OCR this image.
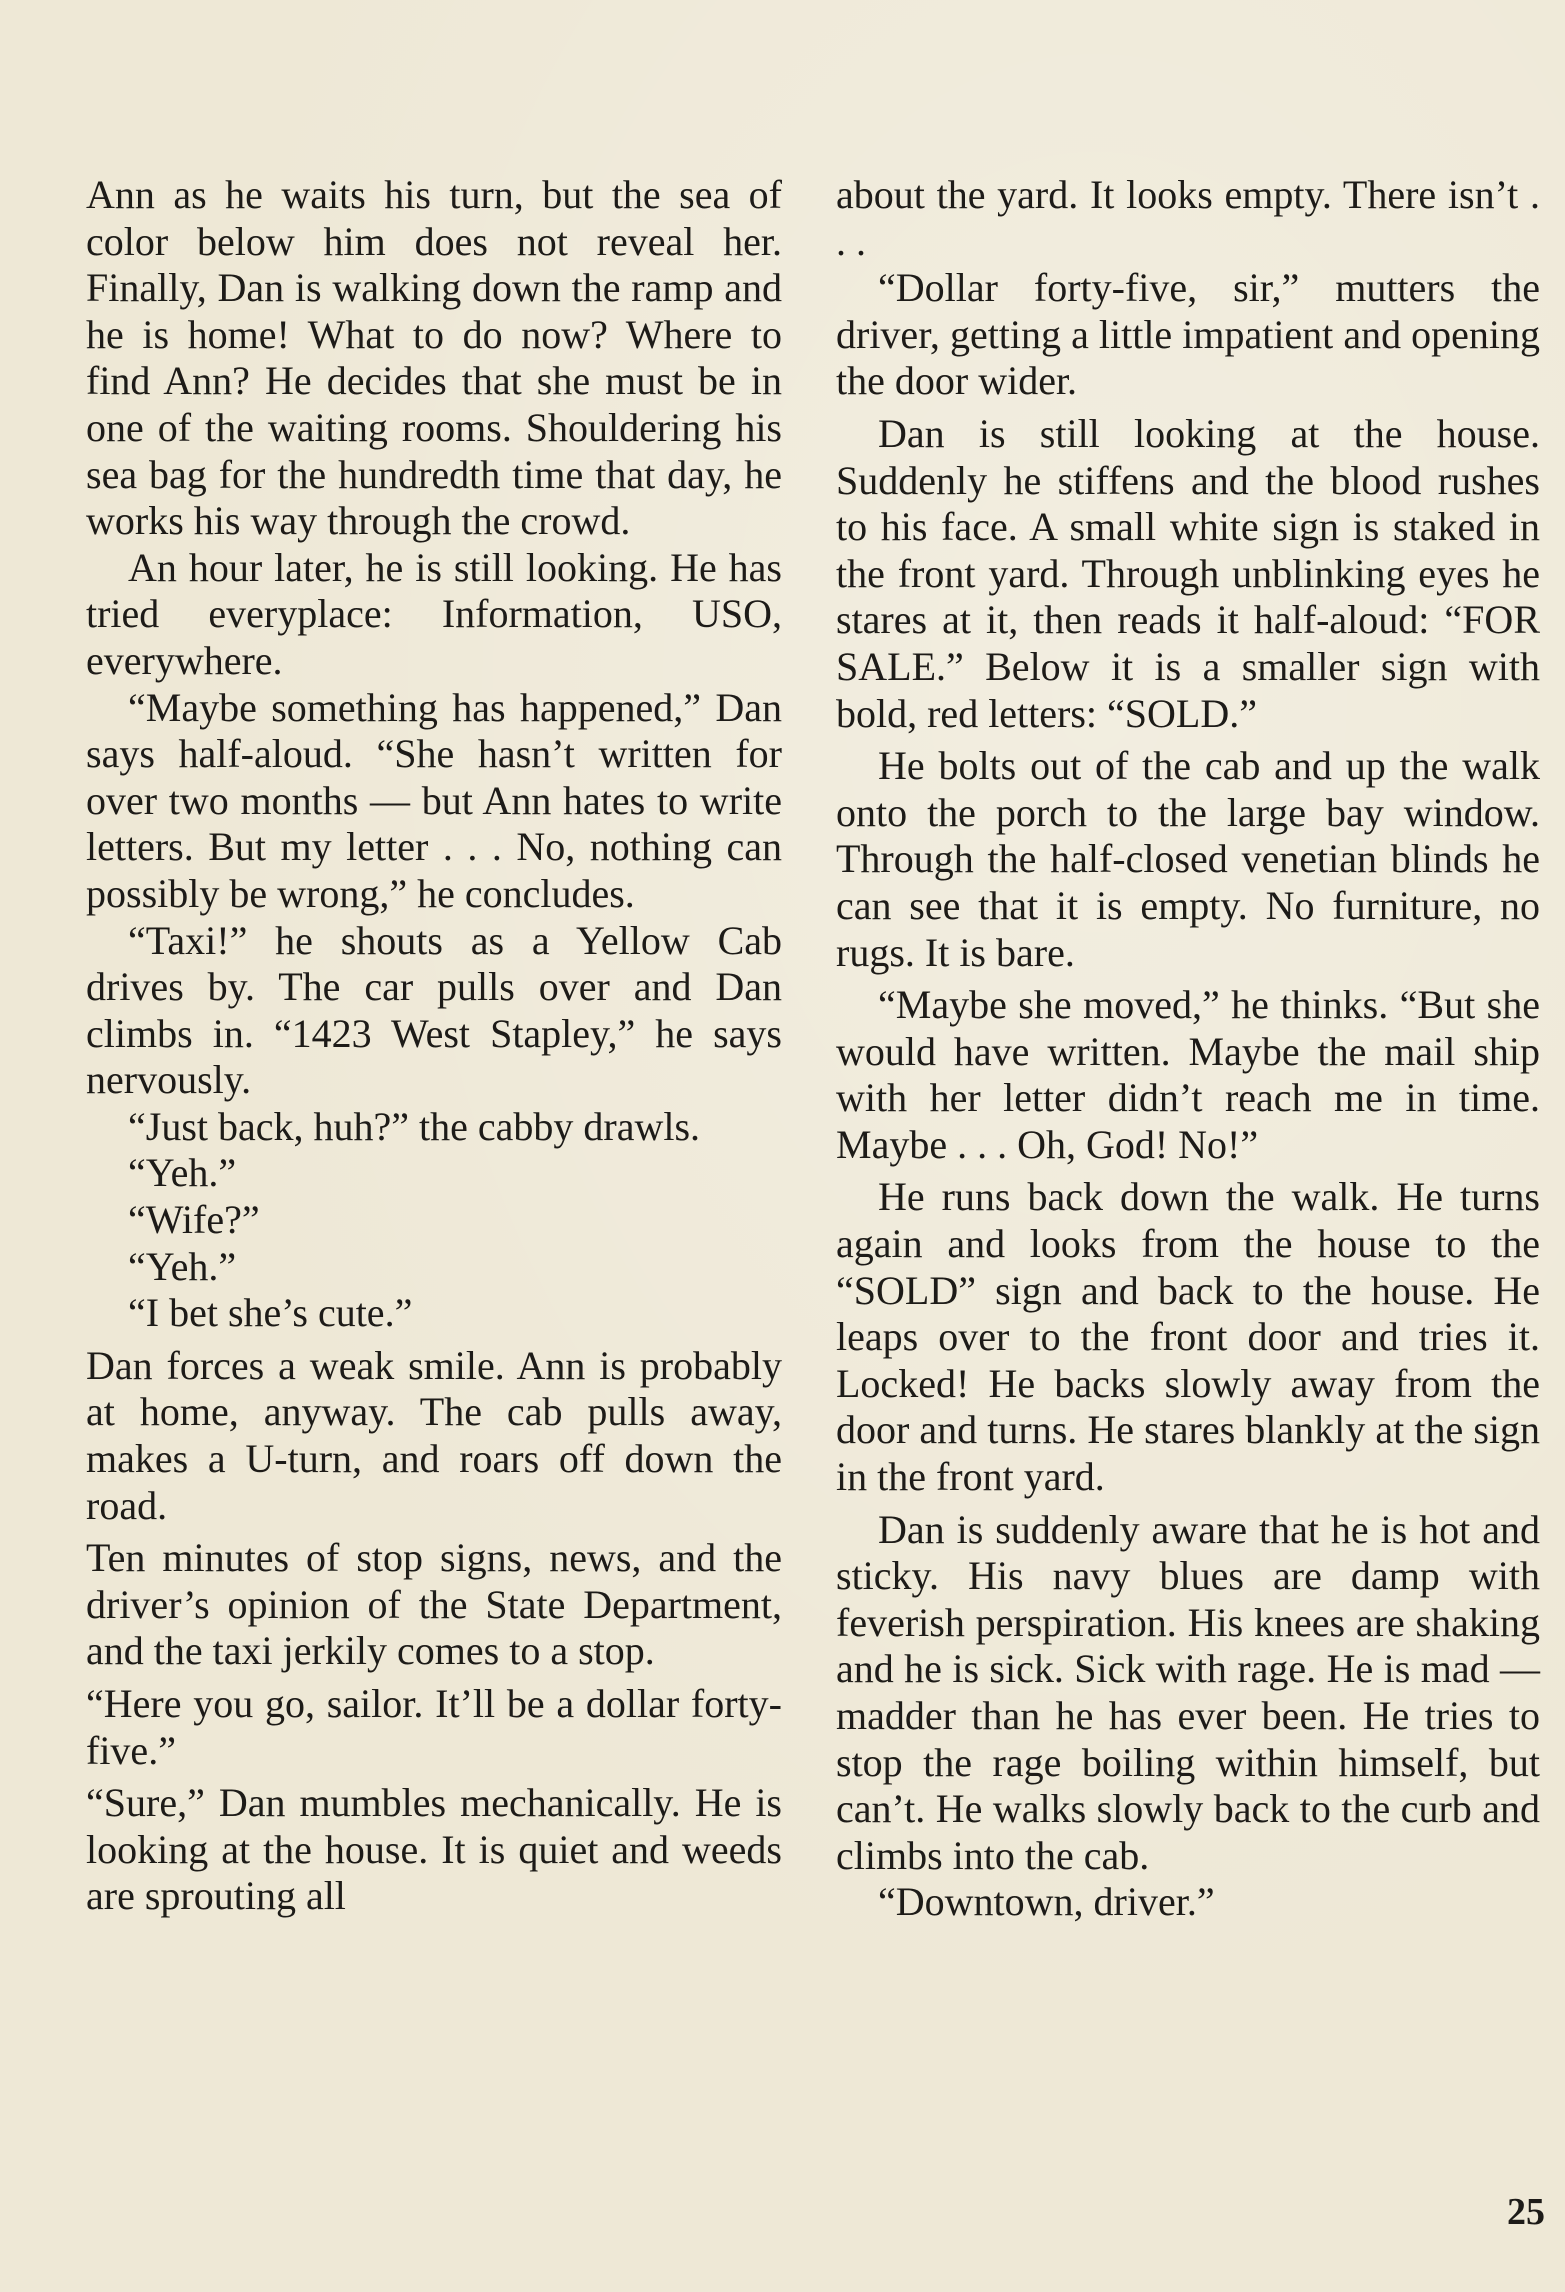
Ann as he waits his turn, but the sea of color below him does not reveal her. Finally, Dan is walking down the ramp and he is home! What to do now? Where to find Ann? He decides that she must be in one of the waiting rooms. Shouldering his sea bag for the hundredth time that day, he works his way through the crowd.

An hour later, he is still looking. He has tried everyplace: Information, USO, everywhere.

“Maybe something has happened,” Dan says half-aloud. “She hasn’t written for over two months — but Ann hates to write letters. But my letter . . . No, nothing can possibly be wrong,” he concludes.

“Taxi!” he shouts as a Yellow Cab drives by. The car pulls over and Dan climbs in. “1423 West Stapley,” he says nervously.

“Just back, huh?” the cabby drawls.

“Yeh.”

“Wife?”

“Yeh.”

“I bet she’s cute.”

Dan forces a weak smile. Ann is probably at home, anyway. The cab pulls away, makes a U-turn, and roars off down the road.

Ten minutes of stop signs, news, and the driver’s opinion of the State Department, and the taxi jerkily comes to a stop.

“Here you go, sailor. It’ll be a dollar forty-five.”

“Sure,” Dan mumbles mechanically. He is looking at the house. It is quiet and weeds are sprouting all

about the yard. It looks empty. There isn’t . . .

“Dollar forty-five, sir,” mutters the driver, getting a little impatient and opening the door wider.

Dan is still looking at the house. Suddenly he stiffens and the blood rushes to his face. A small white sign is staked in the front yard. Through unblinking eyes he stares at it, then reads it half-aloud: “FOR SALE.” Below it is a smaller sign with bold, red letters: “SOLD.”

He bolts out of the cab and up the walk onto the porch to the large bay window. Through the half-closed venetian blinds he can see that it is empty. No furniture, no rugs. It is bare.

“Maybe she moved,” he thinks. “But she would have written. Maybe the mail ship with her letter didn’t reach me in time. Maybe . . . Oh, God! No!”

He runs back down the walk. He turns again and looks from the house to the “SOLD” sign and back to the house. He leaps over to the front door and tries it. Locked! He backs slowly away from the door and turns. He stares blankly at the sign in the front yard.

Dan is suddenly aware that he is hot and sticky. His navy blues are damp with feverish perspiration. His knees are shaking and he is sick. Sick with rage. He is mad — madder than he has ever been. He tries to stop the rage boiling within himself, but can’t. He walks slowly back to the curb and climbs into the cab.

“Downtown, driver.”

25
